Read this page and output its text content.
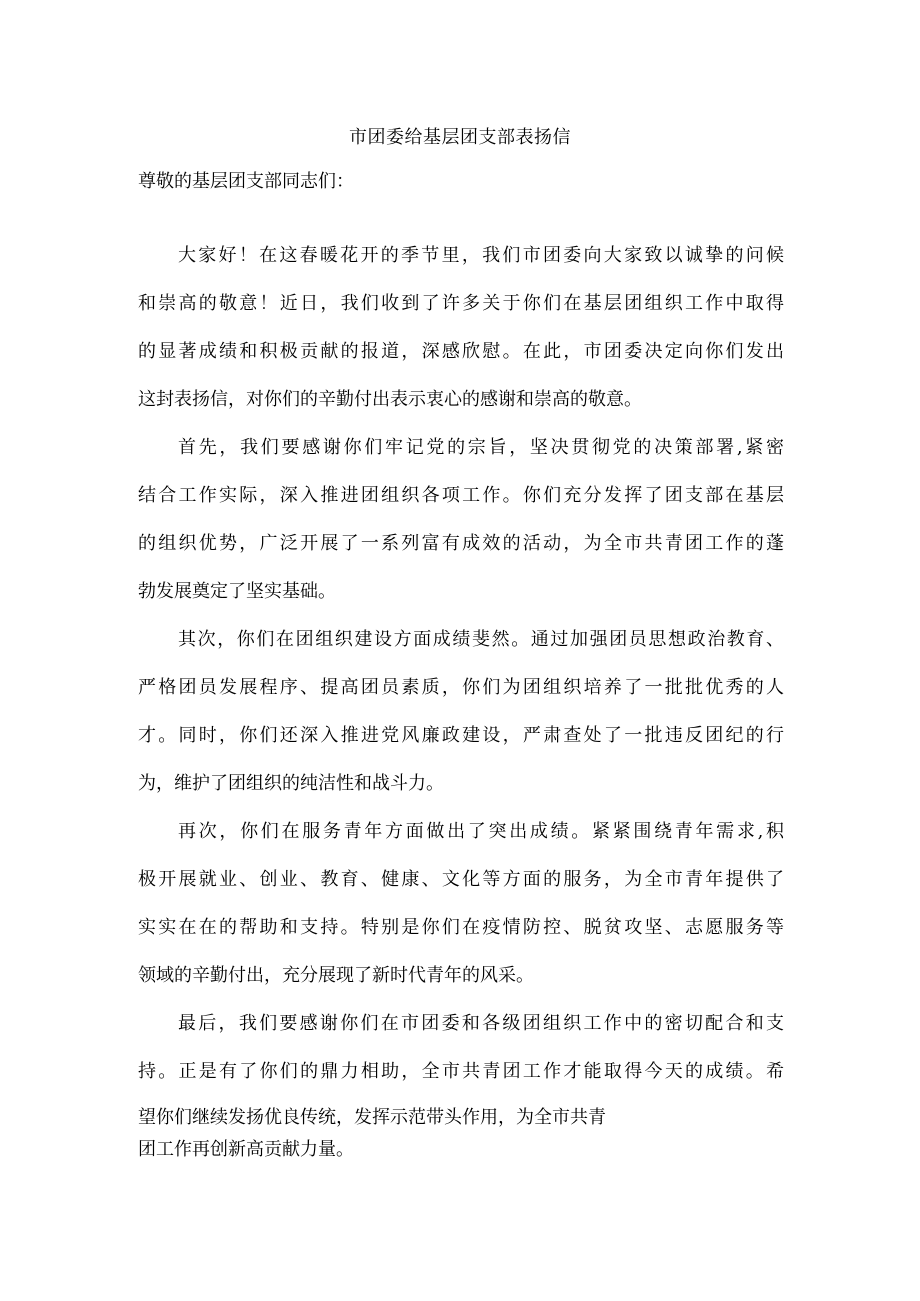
市团委给基层团支部表扬信
尊敬的基层团支部同志们：
大家好！在这春暖花开的季节里，我们市团委向大家致以诚挚的问候
和崇高的敬意！近日，我们收到了许多关于你们在基层团组织工作中取得
的显著成绩和积极贡献的报道，深感欣慰。在此，市团委决定向你们发出
这封表扬信，对你们的辛勤付出表示衷心的感谢和崇高的敬意。
首先，我们要感谢你们牢记党的宗旨，坚决贯彻党的决策部署,紧密
结合工作实际，深入推进团组织各项工作。你们充分发挥了团支部在基层
的组织优势，广泛开展了一系列富有成效的活动，为全市共青团工作的蓬
勃发展奠定了坚实基础。
其次，你们在团组织建设方面成绩斐然。通过加强团员思想政治教育、
严格团员发展程序、提高团员素质，你们为团组织培养了一批批优秀的人
才。同时，你们还深入推进党风廉政建设，严肃查处了一批违反团纪的行
为，维护了团组织的纯洁性和战斗力。
再次，你们在服务青年方面做出了突出成绩。紧紧围绕青年需求,积
极开展就业、创业、教育、健康、文化等方面的服务，为全市青年提供了
实实在在的帮助和支持。特别是你们在疫情防控、脱贫攻坚、志愿服务等
领域的辛勤付出，充分展现了新时代青年的风采。
最后，我们要感谢你们在市团委和各级团组织工作中的密切配合和支
持。正是有了你们的鼎力相助，全市共青团工作才能取得今天的成绩。希
望你们继续发扬优良传统，发挥示范带头作用，为全市共青
团工作再创新高贡献力量。
